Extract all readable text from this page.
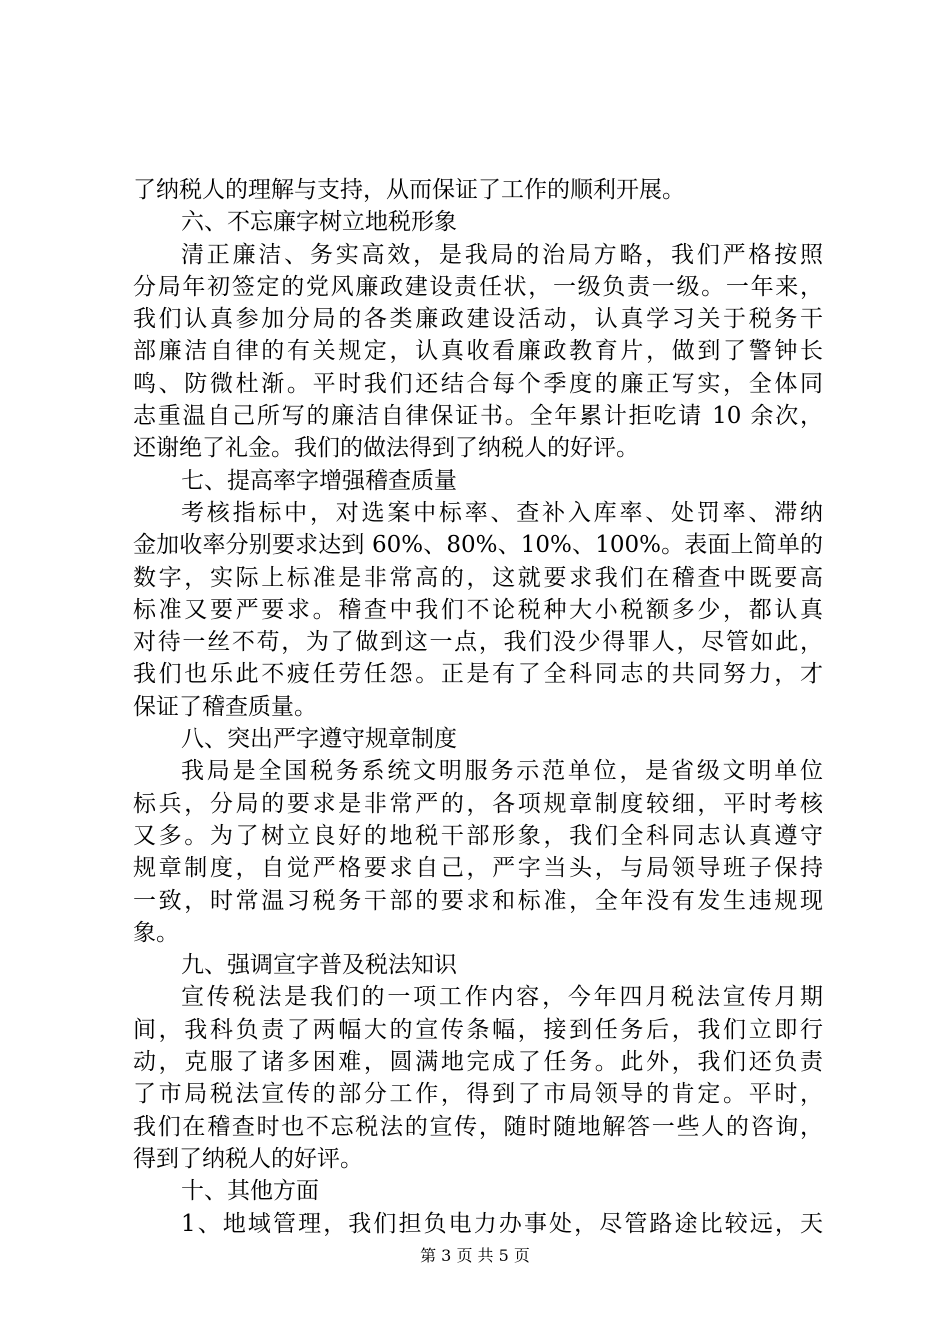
了纳税人的理解与支持，从而保证了工作的顺利开展。
六、不忘廉字树立地税形象
清正廉洁、务实高效，是我局的治局方略，我们严格按照
分局年初签定的党风廉政建设责任状，一级负责一级。一年来，
我们认真参加分局的各类廉政建设活动，认真学习关于税务干
部廉洁自律的有关规定，认真收看廉政教育片，做到了警钟长
鸣、防微杜渐。平时我们还结合每个季度的廉正写实，全体同
志重温自己所写的廉洁自律保证书。全年累计拒吃请 10 余次，
还谢绝了礼金。我们的做法得到了纳税人的好评。
七、提高率字增强稽查质量
考核指标中，对选案中标率、查补入库率、处罚率、滞纳
金加收率分别要求达到 60%、80%、10%、100%。表面上简单的
数字，实际上标准是非常高的，这就要求我们在稽查中既要高
标准又要严要求。稽查中我们不论税种大小税额多少，都认真
对待一丝不苟，为了做到这一点，我们没少得罪人，尽管如此，
我们也乐此不疲任劳任怨。正是有了全科同志的共同努力，才
保证了稽查质量。
八、突出严字遵守规章制度
我局是全国税务系统文明服务示范单位，是省级文明单位
标兵，分局的要求是非常严的，各项规章制度较细，平时考核
又多。为了树立良好的地税干部形象，我们全科同志认真遵守
规章制度，自觉严格要求自己，严字当头，与局领导班子保持
一致，时常温习税务干部的要求和标准，全年没有发生违规现
象。
九、强调宣字普及税法知识
宣传税法是我们的一项工作内容，今年四月税法宣传月期
间，我科负责了两幅大的宣传条幅，接到任务后，我们立即行
动，克服了诸多困难，圆满地完成了任务。此外，我们还负责
了市局税法宣传的部分工作，得到了市局领导的肯定。平时，
我们在稽查时也不忘税法的宣传，随时随地解答一些人的咨询，
得到了纳税人的好评。
十、其他方面
1、地域管理，我们担负电力办事处，尽管路途比较远，天
第 3 页 共 5 页
